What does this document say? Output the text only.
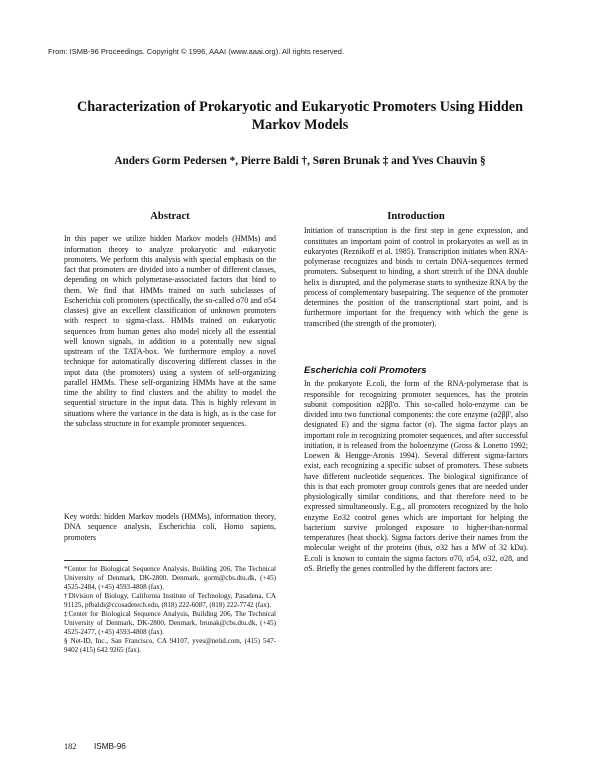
From: ISMB-96 Proceedings. Copyright © 1996, AAAI (www.aaai.org). All rights reserved.
Characterization of Prokaryotic and Eukaryotic Promoters Using Hidden Markov Models
Anders Gorm Pedersen *, Pierre Baldi †, Søren Brunak ‡ and Yves Chauvin §
Abstract

In this paper we utilize hidden Markov models (HMMs) and information theory to analyze prokaryotic and eukaryotic promoters. We perform this analysis with special emphasis on the fact that promoters are divided into a number of different classes, depending on which polymerase-associated factors that bind to them. We find that HMMs trained on such subclasses of Escherichia coli promoters (specifically, the so-called σ70 and σ54 classes) give an excellent classification of unknown promoters with respect to sigma-class. HMMs trained on eukaryotic sequences from human genes also model nicely all the essential well known signals, in addition to a potentially new signal upstream of the TATA-box. We furthermore employ a novel technique for automatically discovering different classes in the input data (the promoters) using a system of self-organizing parallel HMMs. These self-organizing HMMs have at the same time the ability to find clusters and the ability to model the sequential structure in the input data. This is highly relevant in situations where the variance in the data is high, as is the case for the subclass structure in for example promoter sequences.

Key words: hidden Markov models (HMMs), information theory, DNA sequence analysis, Escherichia coli, Homo sapiens, promoters

*Center for Biological Sequence Analysis, Building 206, The Technical University of Denmark, DK-2800, Denmark, gorm@cbs.dtu.dk, (+45) 4525-2484, (+45) 4593-4808 (fax).

†Division of Biology, California Institute of Technology, Pasadena, CA 91125, pfbaldi@ccosadetech.edu, (818) 222-6087, (818) 222-7742 (fax).

‡Center for Biological Sequence Analysis, Building 206, The Technical University of Denmark, DK-2800, Denmark, brunak@cbs.dtu.dk, (+45) 4525-2477, (+45) 4593-4808 (fax).

§ Net-ID, Inc., San Francisco, CA 94107, yves@netid.com, (415) 547-9402 (415) 642 9265 (fax).

Introduction

Initiation of transcription is the first step in gene expression, and constitutes an important point of control in prokaryotes as well as in eukaryotes (Reznikoff et al. 1985). Transcription initiates when RNA-polymerase recognizes and binds to certain DNA-sequences termed promoters. Subsequent to binding, a short stretch of the DNA double helix is disrupted, and the polymerase starts to synthesize RNA by the process of complementary basepairing. The sequence of the promoter determines the position of the transcriptional start point, and is furthermore important for the frequency with which the gene is transcribed (the strength of the promoter).

Escherichia coli Promoters

In the prokaryote E.coli, the form of the RNA-polymerase that is responsible for recognizing promoter sequences, has the protein subunit composition α2ββ'σ. This so-called holo-enzyme can be divided into two functional components: the core enzyme (α2ββ', also designated E) and the sigma factor (σ). The sigma factor plays an important role in recognizing promoter sequences, and after successful initiation, it is released from the holoenzyme (Gross & Lonetto 1992; Loewen & Hengge-Aronis 1994). Several different sigma-factors exist, each recognizing a specific subset of promoters. These subsets have different nucleotide sequences. The biological significance of this is that each promoter group controls genes that are needed under physiologically similar conditions, and that therefore need to be expressed simultaneously. E.g., all promoters recognized by the holo enzyme Eσ32 control genes which are important for helping the bacterium survive prolonged exposure to higher-than-normal temperatures (heat shock). Sigma factors derive their names from the molecular weight of the proteins (thus, σ32 has a MW of 32 kDa). E.coli is known to contain the sigma factors σ70, σ54, σ32, σ28, and σS. Briefly the genes controlled by the different factors are:

182 ISMB-96
